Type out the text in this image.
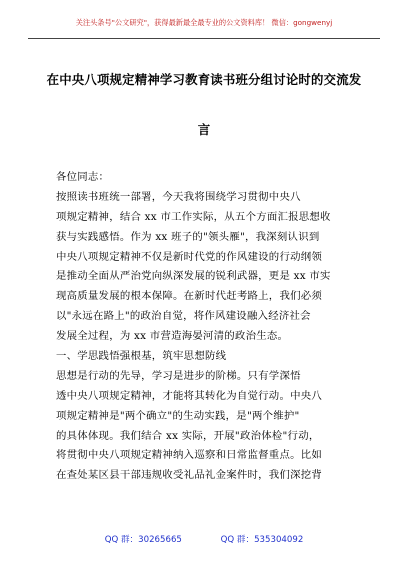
关注头条号"公文研究"，获得最新最全最专业的公文资料库！ 微信：gongwenyj
在中央八项规定精神学习教育读书班分组讨论时的交流发
言
各位同志：
按照读书班统一部署，今天我将围绕学习贯彻中央八
项规定精神，结合 xx 市工作实际，从五个方面汇报思想收
获与实践感悟。作为 xx 班子的"领头雁"，我深刻认识到
中央八项规定精神不仅是新时代党的作风建设的行动纲领
是推动全面从严治党向纵深发展的锐利武器，更是 xx 市实
现高质量发展的根本保障。在新时代赶考路上，我们必须
以"永远在路上"的政治自觉，将作风建设融入经济社会
发展全过程，为 xx 市营造海晏河清的政治生态。
一、学思践悟强根基，筑牢思想防线
思想是行动的先导，学习是进步的阶梯。只有学深悟
透中央八项规定精神，才能将其转化为自觉行动。中央八
项规定精神是"两个确立"的生动实践，是"两个维护"
的具体体现。我们结合 xx 实际，开展"政治体检"行动，
将贯彻中央八项规定精神纳入巡察和日常监督重点。比如
在查处某区县干部违规收受礼品礼金案件时，我们深挖背
QQ 群：30265665	QQ 群：535304092
